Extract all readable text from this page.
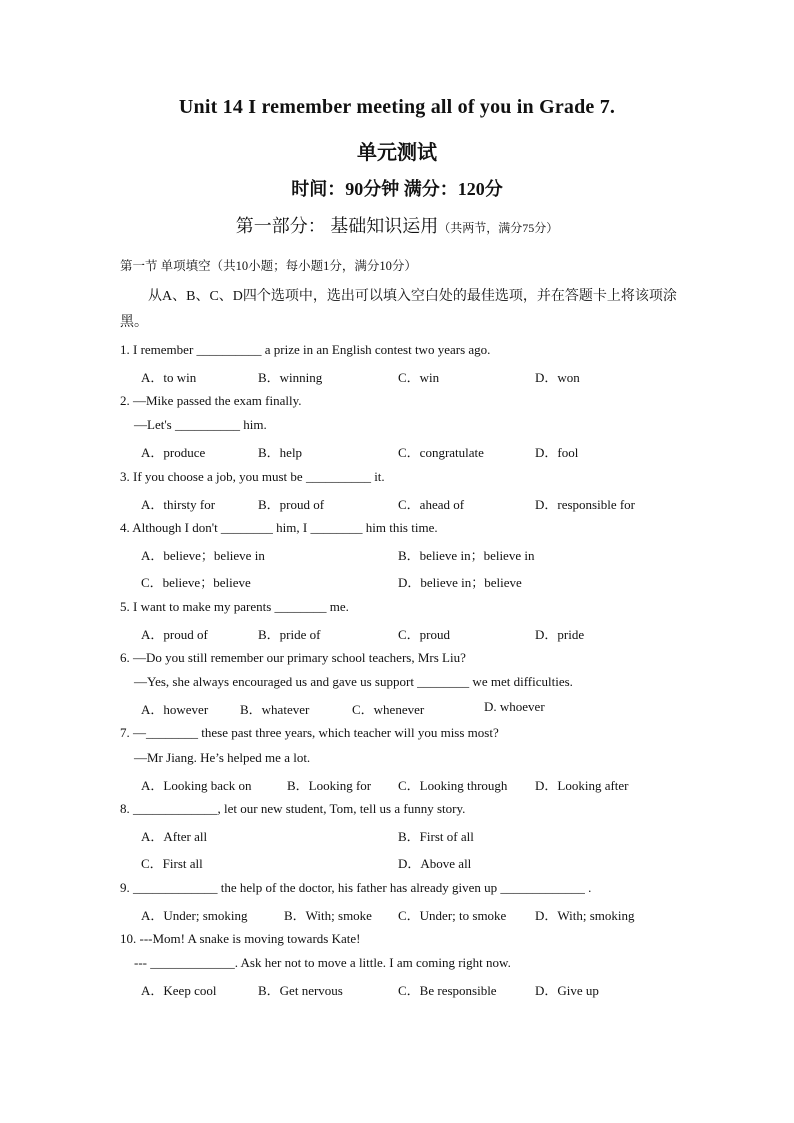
Unit 14 I remember meeting all of you in Grade 7.
单元测试
时间：90分钟 满分：120分
第一部分： 基础知识运用（共两节，满分75分）
第一节 单项填空（共10小题；每小题1分，满分10分）
从A、B、C、D四个选项中，选出可以填入空白处的最佳选项，并在答题卡上将该项涂黑。
1. I remember __________ a prize in an English contest two years ago.
A．to win	B．winning	C．win	D．won
2. —Mike passed the exam finally.
—Let's __________ him.
A．produce	B．help	C．congratulate	D．fool
3. If you choose a job, you must be __________ it.
A．thirsty for	B．proud of	C．ahead of	D．responsible for
4. Although I don't ________ him, I ________ him this time.
A．believe；believe in	B．believe in；believe in
C．believe；believe	D．believe in；believe
5. I want to make my parents ________ me.
A．proud of	B．pride of	C．proud	D．pride
6. —Do you still remember our primary school teachers, Mrs Liu?
—Yes, she always encouraged us and gave us support ________ we met difficulties.
A．however B．whatever	C．whenever	D. whoever
7. —________ these past three years, which teacher will you miss most?
—Mr Jiang. He’s helped me a lot.
A．Looking back on	B．Looking for C．Looking through D．Looking after
8. _____________, let our new student, Tom, tell us a funny story.
A．After all	B．First of all
C．First all	D．Above all
9. _____________ the help of the doctor, his father has already given up _____________ .
A．Under; smoking	B．With; smoke C．Under; to smoke D．With; smoking
10. ---Mom! A snake is moving towards Kate!
--- _____________. Ask her not to move a little. I am coming right now.
A．Keep cool	B．Get nervous	C．Be responsible	D．Give up
